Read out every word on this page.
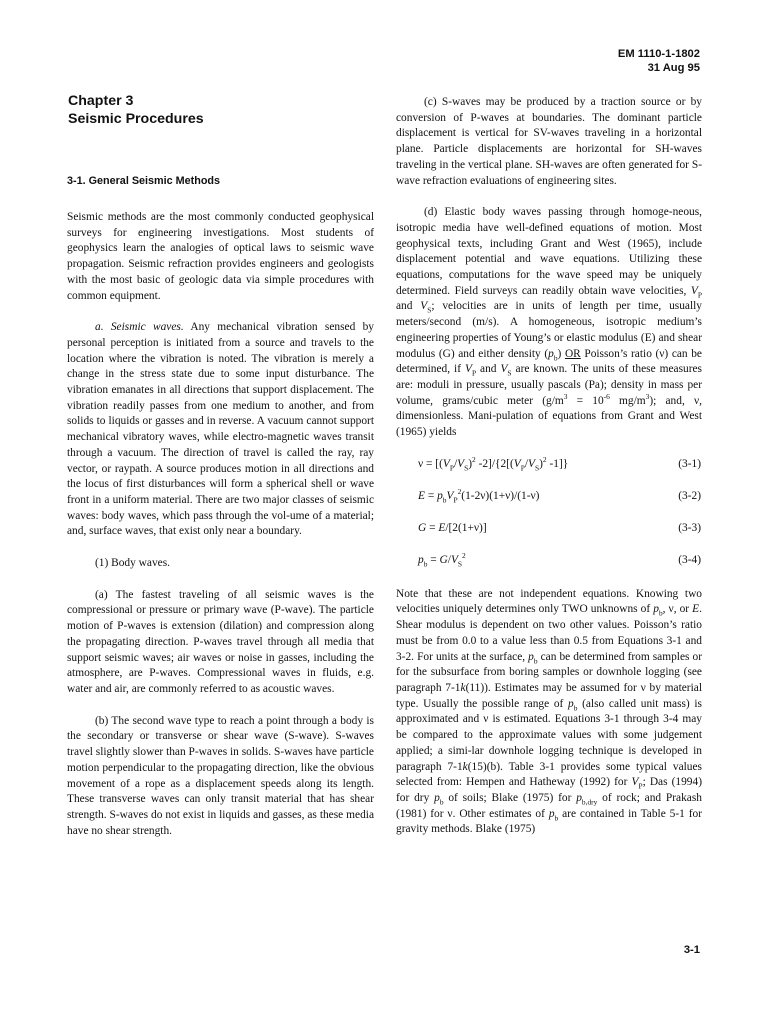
EM 1110-1-1802
31 Aug 95
Chapter 3
Seismic Procedures
3-1. General Seismic Methods

Seismic methods are the most commonly conducted geophysical surveys for engineering investigations. Most students of geophysics learn the analogies of optical laws to seismic wave propagation. Seismic refraction provides engineers and geologists with the most basic of geologic data via simple procedures with common equipment.

a. Seismic waves. Any mechanical vibration sensed by personal perception is initiated from a source and travels to the location where the vibration is noted. The vibration is merely a change in the stress state due to some input disturbance. The vibration emanates in all directions that support displacement. The vibration readily passes from one medium to another, and from solids to liquids or gasses and in reverse. A vacuum cannot support mechanical vibratory waves, while electro-magnetic waves transit through a vacuum. The direction of travel is called the ray, ray vector, or raypath. A source produces motion in all directions and the locus of first disturbances will form a spherical shell or wave front in a uniform material. There are two major classes of seismic waves: body waves, which pass through the vol-ume of a material; and, surface waves, that exist only near a boundary.

(1) Body waves.

(a) The fastest traveling of all seismic waves is the compressional or pressure or primary wave (P-wave). The particle motion of P-waves is extension (dilation) and compression along the propagating direction. P-waves travel through all media that support seismic waves; air waves or noise in gasses, including the atmosphere, are P-waves. Compressional waves in fluids, e.g. water and air, are commonly referred to as acoustic waves.

(b) The second wave type to reach a point through a body is the secondary or transverse or shear wave (S-wave). S-waves travel slightly slower than P-waves in solids. S-waves have particle motion perpendicular to the propagating direction, like the obvious movement of a rope as a displacement speeds along its length. These transverse waves can only transit material that has shear strength. S-waves do not exist in liquids and gasses, as these media have no shear strength.

(c) S-waves may be produced by a traction source or by conversion of P-waves at boundaries. The dominant particle displacement is vertical for SV-waves traveling in a horizontal plane. Particle displacements are horizontal for SH-waves traveling in the vertical plane. SH-waves are often generated for S-wave refraction evaluations of engineering sites.

(d) Elastic body waves passing through homoge-neous, isotropic media have well-defined equations of motion. Most geophysical texts, including Grant and West (1965), include displacement potential and wave equations. Utilizing these equations, computations for the wave speed may be uniquely determined. Field surveys can readily obtain wave velocities, $V_P$ and $V_S$; velocities are in units of length per time, usually meters/second (m/s). A homogeneous, isotropic medium’s engineering properties of Young’s or elastic modulus (E) and shear modulus (G) and either density $(p_b)$ OR Poisson’s ratio (ν) can be determined, if $V_P$ and $V_S$ are known. The units of these measures are: moduli in pressure, usually pascals (Pa); density in mass per volume, grams/cubic meter ($g/m^3 = 10^{-6}$ $mg/m^3$); and, ν, dimensionless. Mani-pulation of equations from Grant and West (1965) yields

$\nu = [(V_P/V_S)^2$ $-2]/\{2[(V_P/V_S)^2$ -1]}	(3-1)
$E = p_bV_P^2(1-2\nu)(1+\nu)/(1-\nu)$	(3-2)
G = E/[2(1+ν)]	(3-3)
$p_b = G/V_S^2$	(3-4)

Note that these are not independent equations. Knowing two velocities uniquely determines only TWO unknowns of $p_b$, ν, or E. Shear modulus is dependent on two other values. Poisson’s ratio must be from 0.0 to a value less than 0.5 from Equations 3-1 and 3-2. For units at the surface, $p_b$ can be determined from samples or for the subsurface from boring samples or downhole logging (see paragraph 7-1k(11)). Estimates may be assumed for ν by material type. Usually the possible range of $p_b$ (also called unit mass) is approximated and ν is estimated. Equations 3-1 through 3-4 may be compared to the approximate values with some judgement applied; a simi-lar downhole logging technique is developed in paragraph 7-1k(15)(b). Table 3-1 provides some typical values selected from: Hempen and Hatheway (1992) for $V_P$; Das (1994) for dry $p_b$ of soils; Blake (1975) for $p_{b,dry}$ of rock; and Prakash (1981) for ν. Other estimates of $p_b$ are contained in Table 5-1 for gravity methods. Blake (1975)

3-1
